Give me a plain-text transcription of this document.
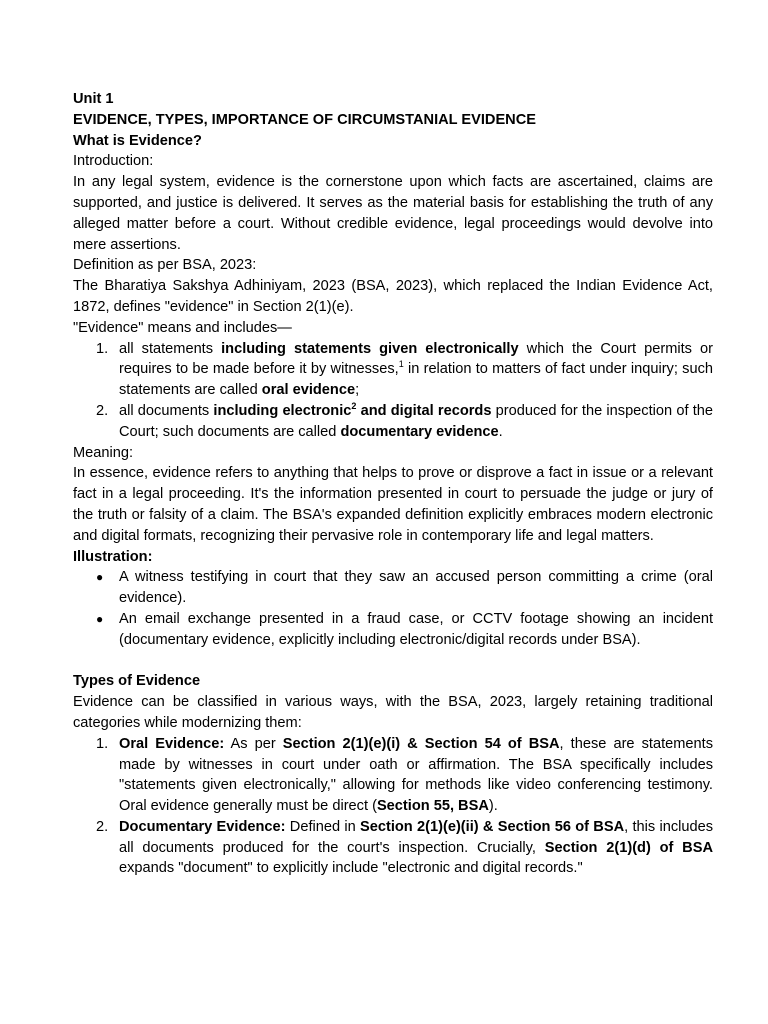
Unit 1

EVIDENCE, TYPES, IMPORTANCE OF CIRCUMSTANIAL EVIDENCE

What is Evidence?

Introduction:

In any legal system, evidence is the cornerstone upon which facts are ascertained, claims are supported, and justice is delivered. It serves as the material basis for establishing the truth of any alleged matter before a court. Without credible evidence, legal proceedings would devolve into mere assertions.

Definition as per BSA, 2023:

The Bharatiya Sakshya Adhiniyam, 2023 (BSA, 2023), which replaced the Indian Evidence Act, 1872, defines "evidence" in Section 2(1)(e).

"Evidence" means and includes—

1. all statements including statements given electronically which the Court permits or requires to be made before it by witnesses,$^1$ in relation to matters of fact under inquiry; such statements are called oral evidence;
2. all documents including electronic$^2$ and digital records produced for the inspection of the Court; such documents are called documentary evidence.

Meaning:

In essence, evidence refers to anything that helps to prove or disprove a fact in issue or a relevant fact in a legal proceeding. It's the information presented in court to persuade the judge or jury of the truth or falsity of a claim. The BSA's expanded definition explicitly embraces modern electronic and digital formats, recognizing their pervasive role in contemporary life and legal matters.

Illustration:

● A witness testifying in court that they saw an accused person committing a crime (oral evidence).
● An email exchange presented in a fraud case, or CCTV footage showing an incident (documentary evidence, explicitly including electronic/digital records under BSA).

Types of Evidence

Evidence can be classified in various ways, with the BSA, 2023, largely retaining traditional categories while modernizing them:

1. Oral Evidence: As per Section 2(1)(e)(i) & Section 54 of BSA, these are statements made by witnesses in court under oath or affirmation. The BSA specifically includes "statements given electronically," allowing for methods like video conferencing testimony. Oral evidence generally must be direct (Section 55, BSA).
2. Documentary Evidence: Defined in Section 2(1)(e)(ii) & Section 56 of BSA, this includes all documents produced for the court's inspection. Crucially, Section 2(1)(d) of BSA expands "document" to explicitly include "electronic and digital records."
